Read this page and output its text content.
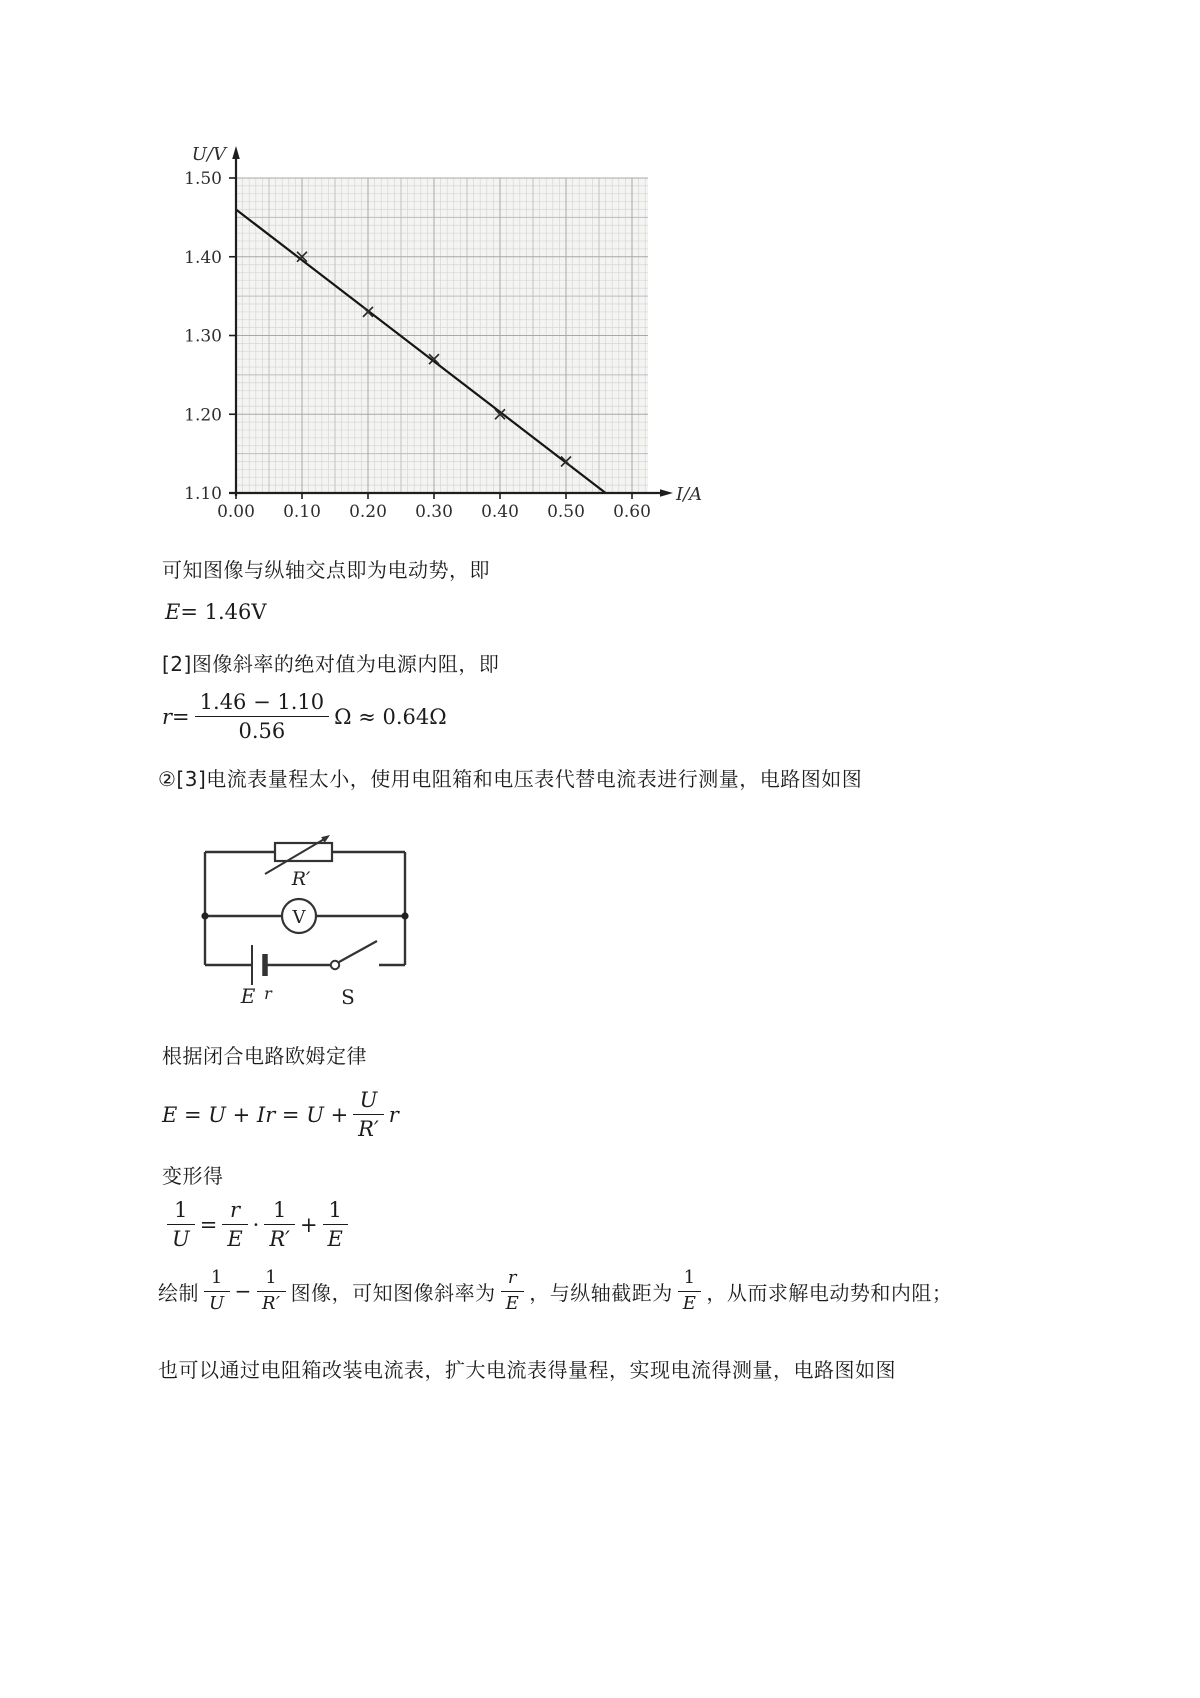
0.00 0.10 0.20 0.30 0.40 0.50 0.60
1.10
1.20
1.30
1.40
1.50
U/V
I/A
可知图像与纵轴交点即为电动势，即
E = 1.46V
[2]图像斜率的绝对值为电源内阻，即
$r = \frac{1.46 - 1.10}{0.56}$ Ω ≈ 0.64Ω
②[3]电流表量程太小，使用电阻箱和电压表代替电流表进行测量，电路图如图
R′
V
E r	S
根据闭合电路欧姆定律
$E = U + Ir = U + \frac{U}{R'}$ r
变形得
$\frac{1}{U} = \frac{r}{E} \cdot \frac{1}{R'} + \frac{1}{E}$
绘制 $\frac{1}{U} - \frac{1}{R'}$ 图像，可知图像斜率为 $\frac{r}{E}$ ，与纵轴截距为 $\frac{1}{E}$ ，从而求解电动势和内阻；
也可以通过电阻箱改装电流表，扩大电流表得量程，实现电流得测量，电路图如图
